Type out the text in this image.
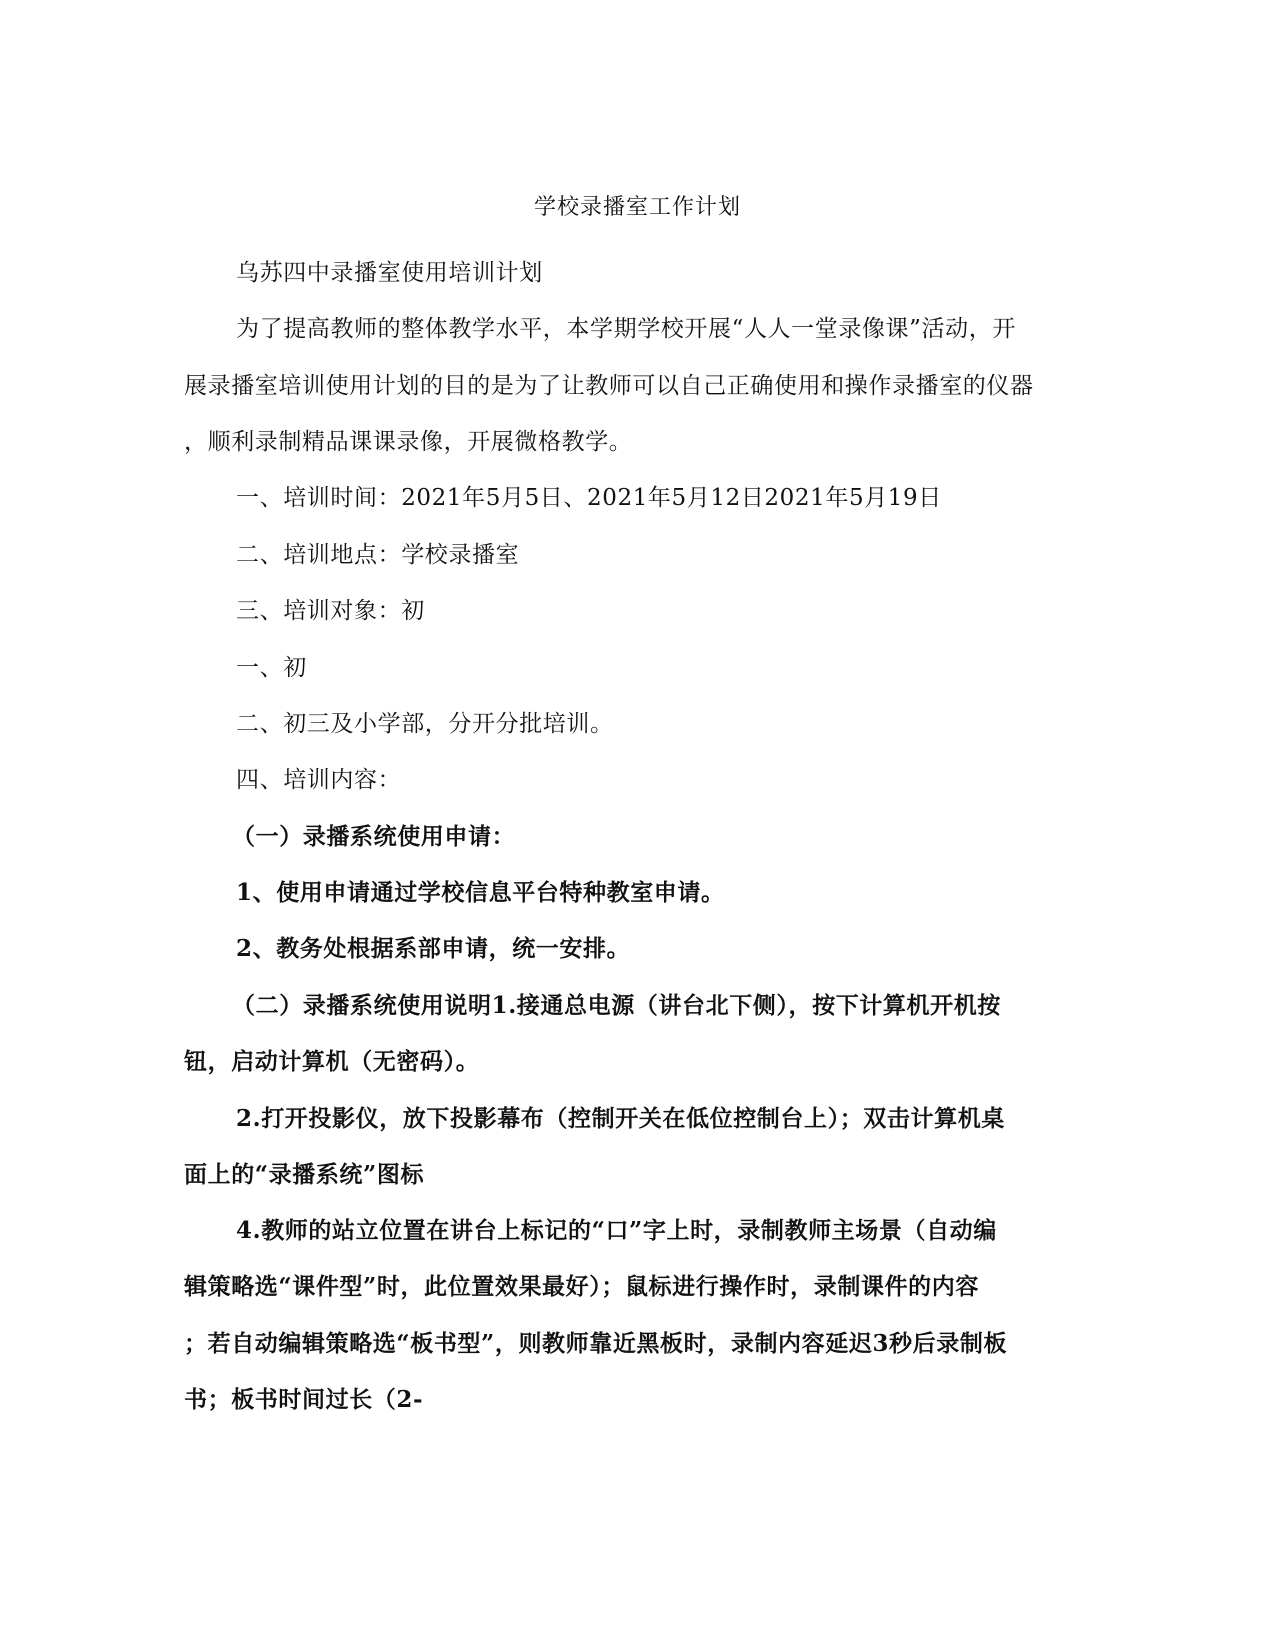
学校录播室工作计划

乌苏四中录播室使用培训计划

为了提高教师的整体教学水平，本学期学校开展“人人一堂录像课”活动，开

展录播室培训使用计划的目的是为了让教师可以自己正确使用和操作录播室的仪器

，顺利录制精品课课录像，开展微格教学。

一、培训时间：2021年5月5日、2021年5月12日2021年5月19日

二、培训地点：学校录播室

三、培训对象：初

一、初

二、初三及小学部，分开分批培训。

四、培训内容：

（一）录播系统使用申请：

1、使用申请通过学校信息平台特种教室申请。

2、教务处根据系部申请，统一安排。

（二）录播系统使用说明1.接通总电源（讲台北下侧），按下计算机开机按

钮，启动计算机（无密码）。

2.打开投影仪，放下投影幕布（控制开关在低位控制台上）；双击计算机桌

面上的“录播系统”图标

4.教师的站立位置在讲台上标记的“口”字上时，录制教师主场景（自动编

辑策略选“课件型”时，此位置效果最好）；鼠标进行操作时，录制课件的内容

；若自动编辑策略选“板书型”，则教师靠近黑板时，录制内容延迟3秒后录制板

书；板书时间过长（2-
